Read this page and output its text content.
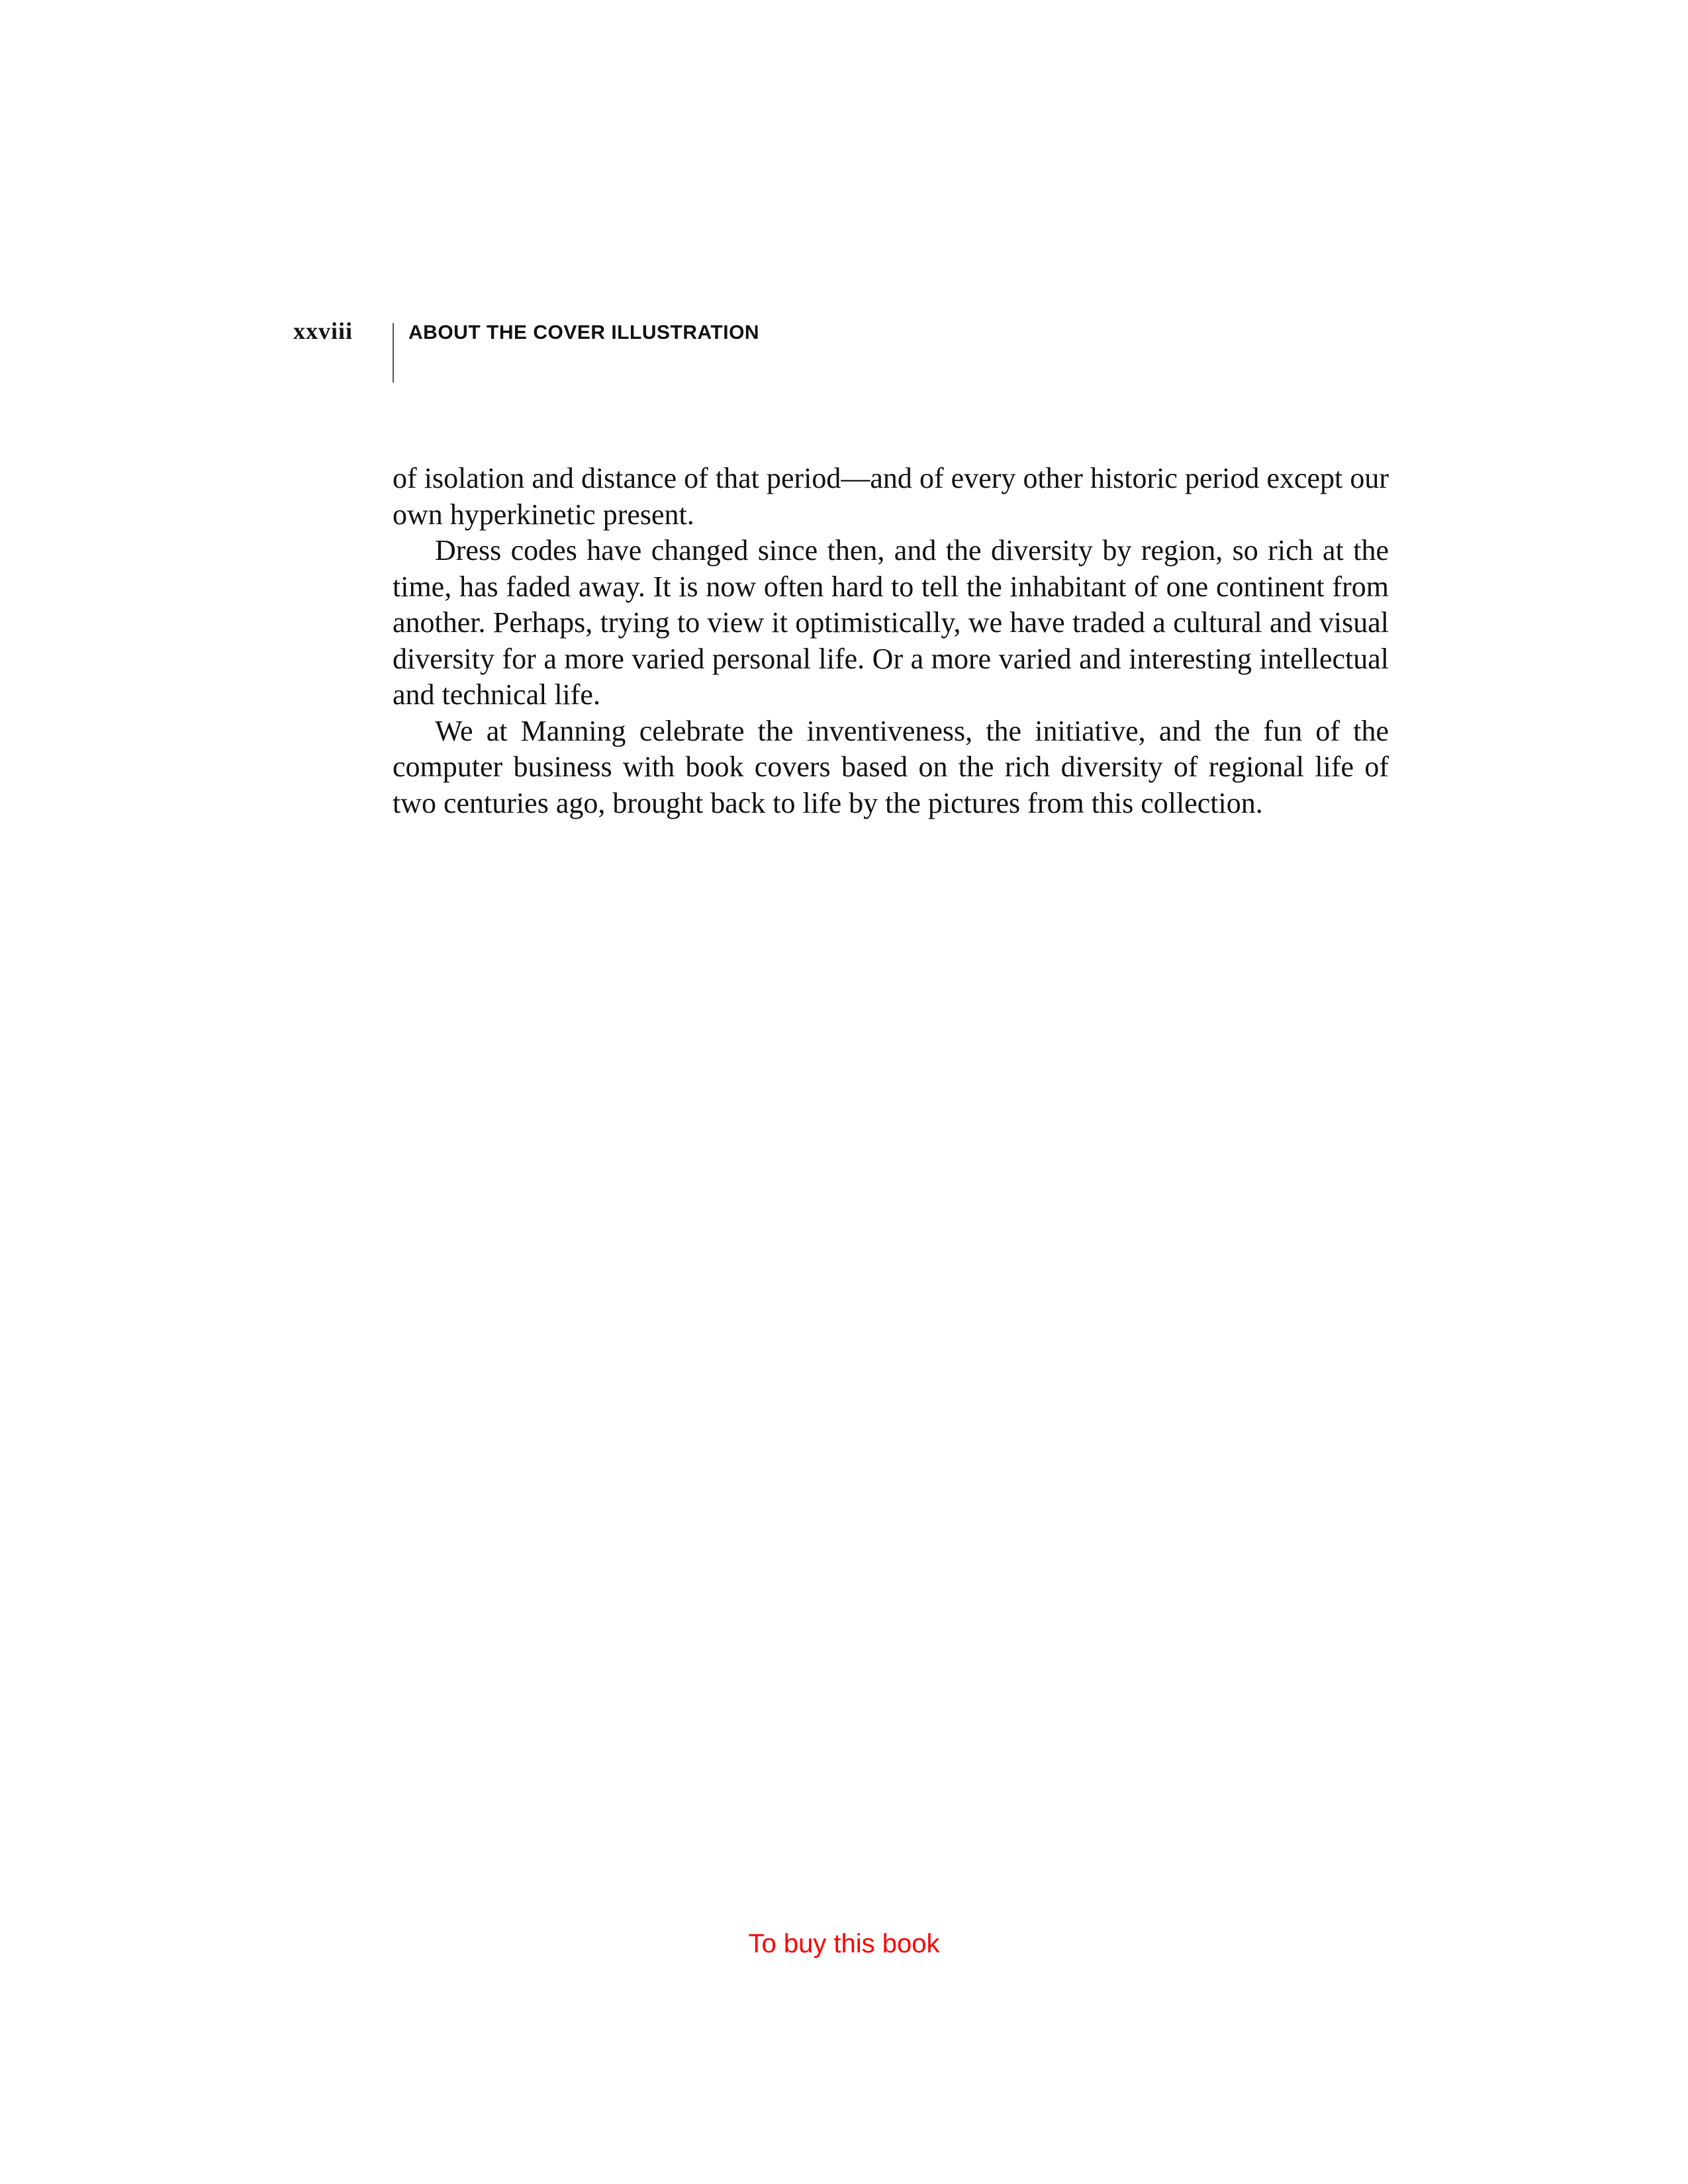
xxviii	ABOUT THE COVER ILLUSTRATION

of isolation and distance of that period—and of every other historic period except our own hyperkinetic present.

Dress codes have changed since then, and the diversity by region, so rich at the time, has faded away. It is now often hard to tell the inhabitant of one continent from another. Perhaps, trying to view it optimistically, we have traded a cultural and visual diversity for a more varied personal life. Or a more varied and interesting intellectual and technical life.

We at Manning celebrate the inventiveness, the initiative, and the fun of the computer business with book covers based on the rich diversity of regional life of two centuries ago, brought back to life by the pictures from this collection.

To buy this book
